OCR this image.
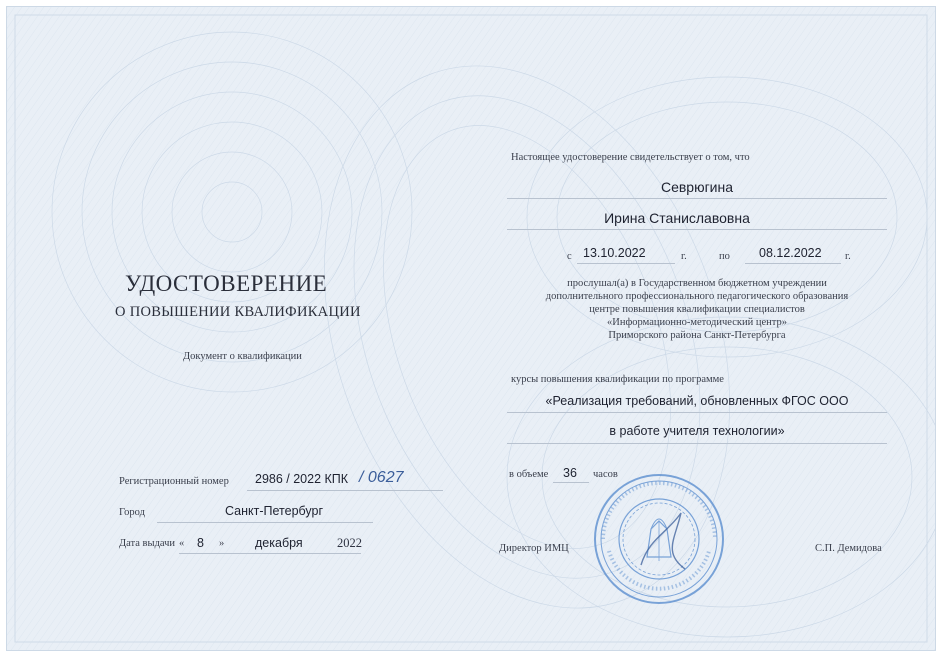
УДОСТОВЕРЕНИЕ
О ПОВЫШЕНИИ КВАЛИФИКАЦИИ
Документ о квалификации
Регистрационный номер 2986 / 2022 КПК / 0627
Город	Санкт-Петербург
Дата выдачи « 8 » декабря	2022
Настоящее удостоверение свидетельствует о том, что
Севрюгина
Ирина Станиславовна
с 13.10.2022	г.	по 08.12.2022 г.
прослушал(а) в Государственном бюджетном учреждении
дополнительного профессионального педагогического образования
центре повышения квалификации специалистов
«Информационно-методический центр»
Приморского района Санкт-Петербурга
курсы повышения квалификации по программе
«Реализация требований, обновленных ФГОС ООО
в работе учителя технологии»
в объеме 36 часов
Директор ИМЦ	С.П. Демидова
